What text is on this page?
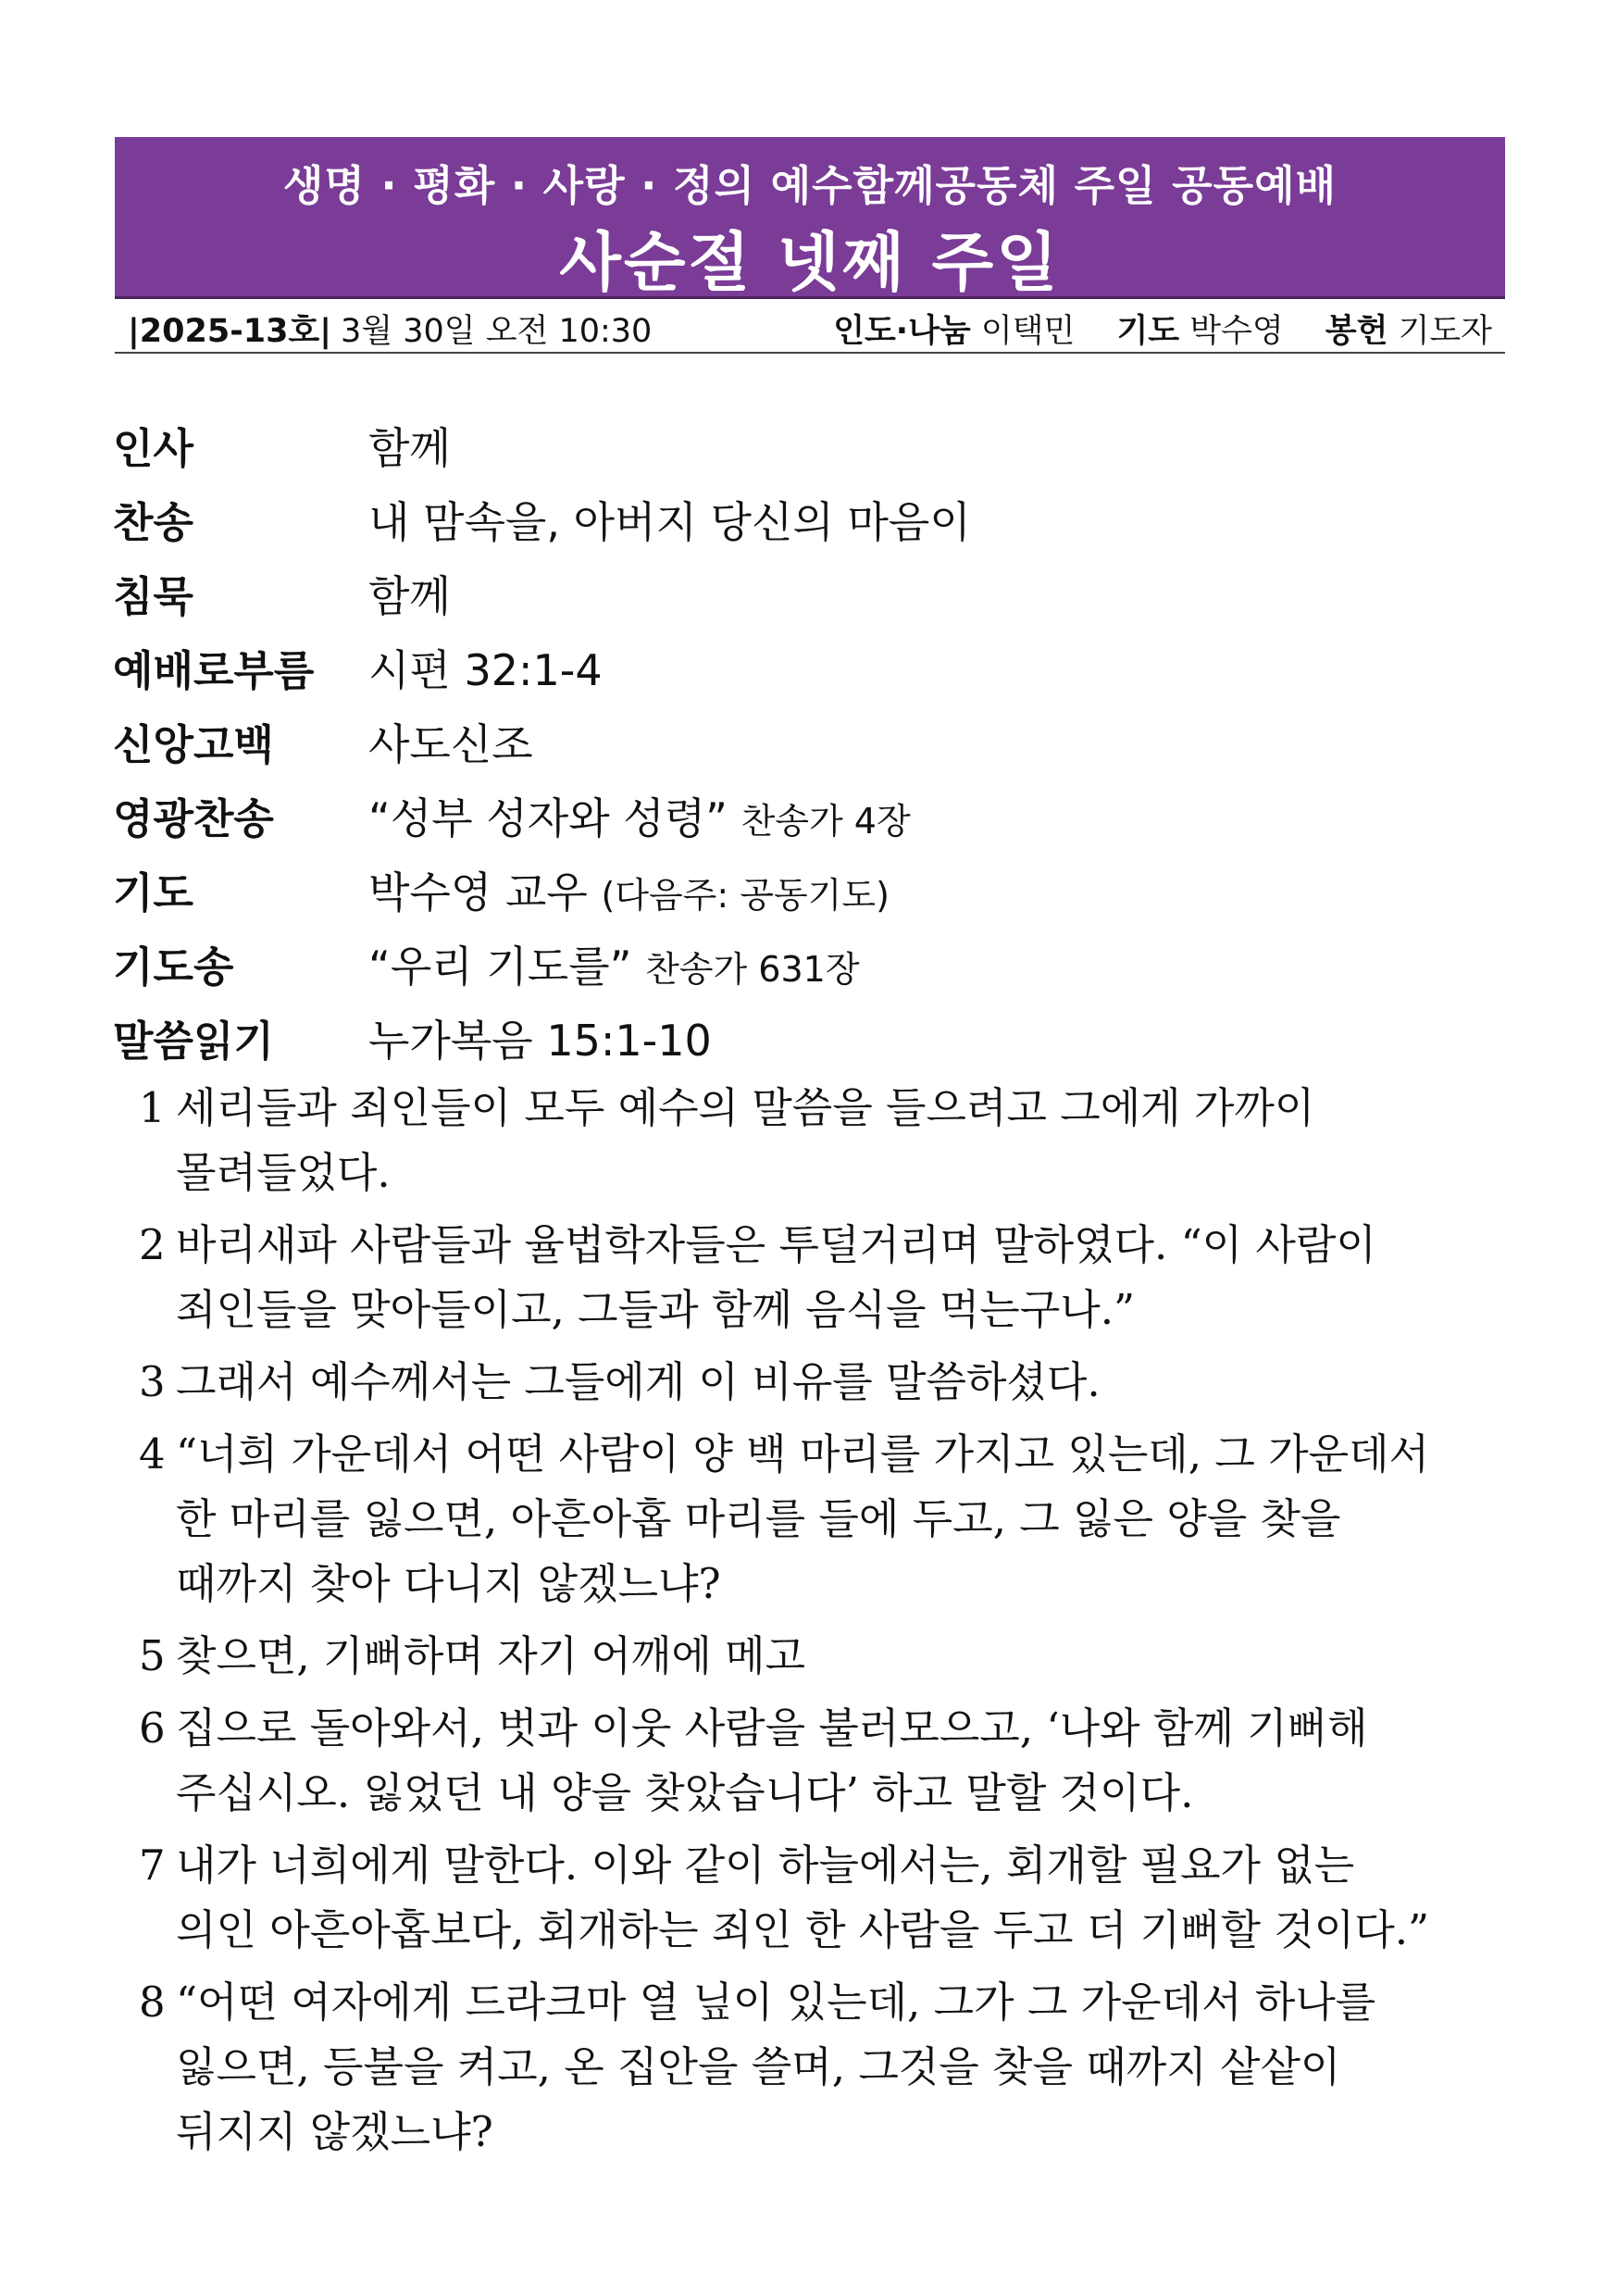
생명 · 평화 · 사랑 · 정의 예수함께공동체 주일 공동예배
사순절 넷째 주일
|2025-13호| 3월 30일 오전 10:30	인도·나눔 이택민 기도 박수영 봉헌 기도자
인사	함께
찬송	내 맘속을, 아버지 당신의 마음이
침묵	함께
예배로부름 시편 32:1-4
신앙고백 사도신조
영광찬송 “성부 성자와 성령” 찬송가 4장
기도	박수영 교우 (다음주: 공동기도)
기도송	“우리 기도를” 찬송가 631장
말씀읽기 누가복음 15:1-10
1 세리들과 죄인들이 모두 예수의 말씀을 들으려고 그에게 가까이
몰려들었다.
2 바리새파 사람들과 율법학자들은 투덜거리며 말하였다. “이 사람이
죄인들을 맞아들이고, 그들과 함께 음식을 먹는구나.”
3 그래서 예수께서는 그들에게 이 비유를 말씀하셨다.
4 “너희 가운데서 어떤 사람이 양 백 마리를 가지고 있는데, 그 가운데서
한 마리를 잃으면, 아흔아홉 마리를 들에 두고, 그 잃은 양을 찾을
때까지 찾아 다니지 않겠느냐?
5 찾으면, 기뻐하며 자기 어깨에 메고
6 집으로 돌아와서, 벗과 이웃 사람을 불러모으고, ‘나와 함께 기뻐해
주십시오. 잃었던 내 양을 찾았습니다’ 하고 말할 것이다.
7 내가 너희에게 말한다. 이와 같이 하늘에서는, 회개할 필요가 없는
의인 아흔아홉보다, 회개하는 죄인 한 사람을 두고 더 기뻐할 것이다.”
8 “어떤 여자에게 드라크마 열 닢이 있는데, 그가 그 가운데서 하나를
잃으면, 등불을 켜고, 온 집안을 쓸며, 그것을 찾을 때까지 샅샅이
뒤지지 않겠느냐?
